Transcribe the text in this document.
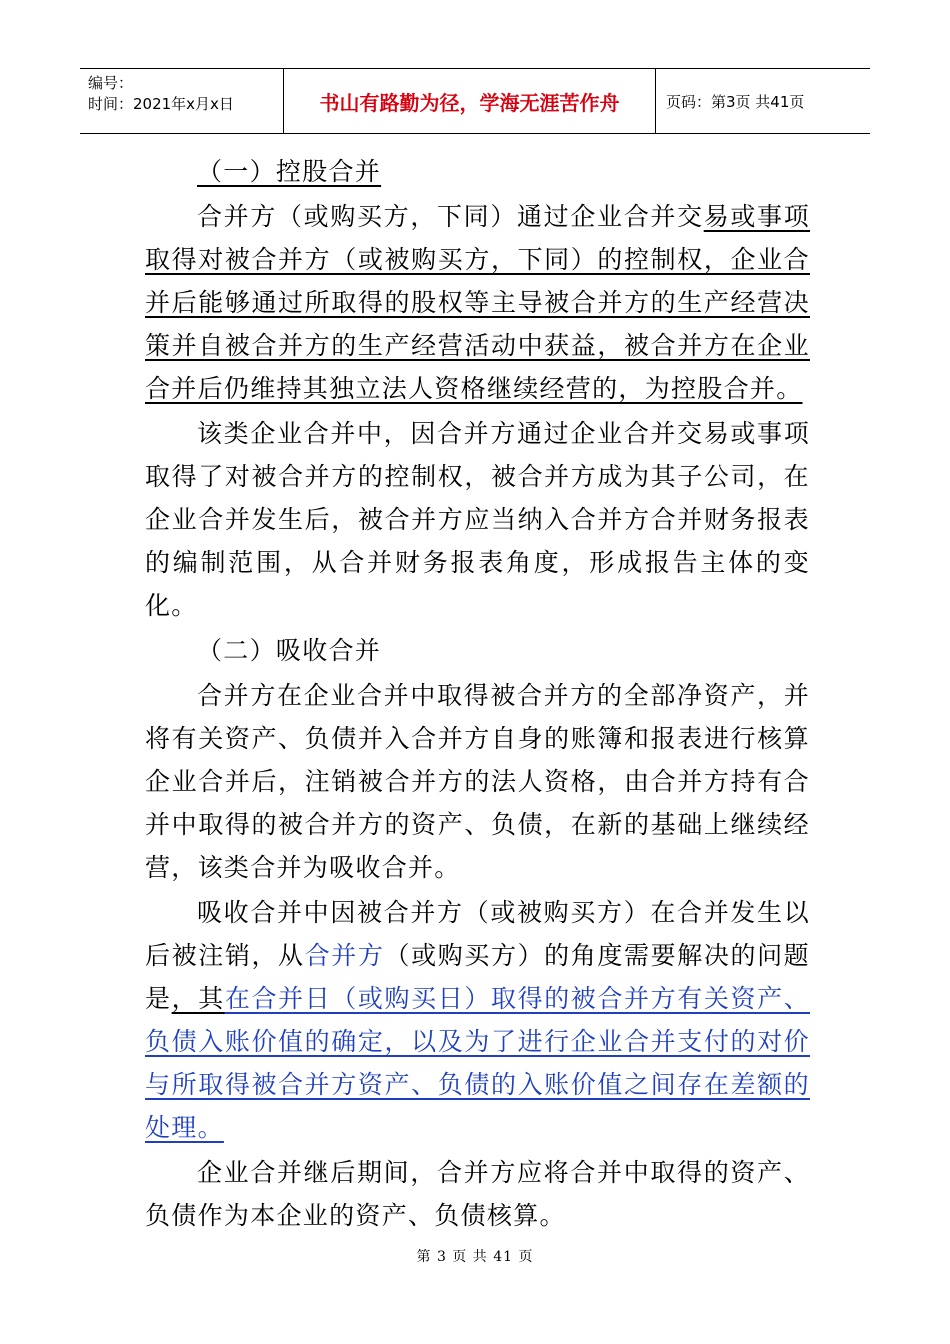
编号：
时间：2021年x月x日	书山有路勤为径，学海无涯苦作舟	页码：第3页 共41页

（一）控股合并

合并方（或购买方，下同）通过企业合并交易或事项取得对被合并方（或被购买方，下同）的控制权，企业合并后能够通过所取得的股权等主导被合并方的生产经营决策并自被合并方的生产经营活动中获益，被合并方在企业合并后仍维持其独立法人资格继续经营的，为控股合并。

该类企业合并中，因合并方通过企业合并交易或事项取得了对被合并方的控制权，被合并方成为其子公司，在企业合并发生后，被合并方应当纳入合并方合并财务报表的编制范围，从合并财务报表角度，形成报告主体的变化。

（二）吸收合并

合并方在企业合并中取得被合并方的全部净资产，并将有关资产、负债并入合并方自身的账簿和报表进行核算企业合并后，注销被合并方的法人资格，由合并方持有合并中取得的被合并方的资产、负债，在新的基础上继续经营，该类合并为吸收合并。

吸收合并中因被合并方（或被购买方）在合并发生以后被注销，从合并方（或购买方）的角度需要解决的问题是，其在合并日（或购买日）取得的被合并方有关资产、负债入账价值的确定，以及为了进行企业合并支付的对价与所取得被合并方资产、负债的入账价值之间存在差额的处理。

企业合并继后期间，合并方应将合并中取得的资产、负债作为本企业的资产、负债核算。

第 3 页 共 41 页
